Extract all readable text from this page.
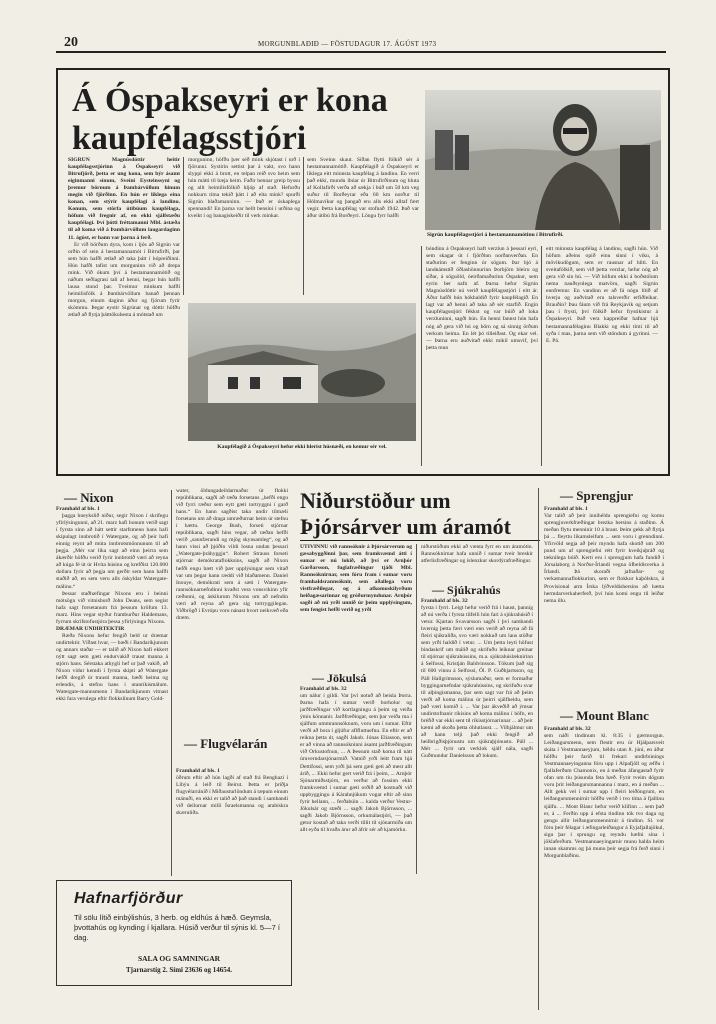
20	MORGUNBLAÐIÐ — FÖSTUDAGUR 17. ÁGÚST 1973
Á Óspakseyri er kona kaupfélagsstjóri

SIGRÚN Magnúsdóttir heitir kaupfélagsstjórinn á Óspakseyri við Bitrufjörð, þetta er ung kona, sem býr ásamt eiginmanni sínum, Sveini Eysteinssyni og þremur börnum á Þambárvöllum hinum megin við fjörðinn. En hún er líklega eina konan, sem stýrir kaupfélagi á landinu. Konum, sem störfa útibúum kaupfélaga, höfum við fregnir af, en ekki sjálfstæðu kaupfélagi. Því þótti fréttamanni Mbl. ástæða til að koma við á Þambárvöllum laugardaginn 11. ágúst, er hann var þarna á ferð.

Er við börðum dyra, kom í ljós að Sigrún var orðin of sein á hestamannamót í Bitrufirði, þar sem hún hafði ætlað að taka þátt í hópreiðinni. Hún hafði tafist um morguninn við að drepa mink. Við ókum því á hestamannamótið og náðum seðlagrasi tali af henni, begar hún hafði lausa stund þar. Tveimur minkum hafði heimilisfólk á Þambárvöllum banað þennan morgun, einum daginn áður og fjórum fyrir skömmu. Þegar eystir Sigrúnar og dóttir höfðu ætlað að flytja þátttökuhesta á mótstað um

morguninn, höfðu þær séð mink skjótast í urð í fjörunni. Systirin settist þar á vakt, svo hann slyppi ekki á brott, en telpan reið svo heim sem hún mátti til bæja heim. Faðir hennar greip byssu og allt heimilisfólkið hljóp af stað. Hefurðu nokkurn tíma tekið þátt í að elta mink? spurði Sigrún blaðamanninn. — Það er óskaplega spennandi! En þarna var hellt bensíni í urðina og kveikt í og banagiskeiðir til verk minkar.

sem Sveinn skaut. Síðan flytti fólkið sér á hestamannamótið. Kaupfélagið á Óspakseyri er líklega eitt minnsta kaupfélag á landinu. En verri það ekki, mundu íbúar úr Bitrufirðinum og hluta af Kollafirði verða að sækja í búð um 50 km veg suður til Borðeyrar eða 60 km norður til Hólmavíkur og þangað eru alls ekki alltaf fært vegir. Þetta kaupfélag var stofnað 1942. Það var áður útibú frá Borðeyri. Löngu fyrr hafði

Sigrún kaupfélagsstjóri á hestamannamótinu í Bitrufirði.
Kaupfélagið á Óspakseyri hefur ekki hlerist húsnæði, en kemur sér vel.

bóndinn á Óspakseyri haft verzlun á þessari eyri, sem skagar út í fjörðinn norðanverðan. En staðurinn er fenginn úr sögum. Þar bjó á landnámstíð öðlashönnurinn Þorbjörn bleiru og síðar, á söguöld, óeirðamaðurinn Óspakur, sem eyrin ber nafn af. Þarna hefur Sigrún Magnúsdóttir nú verið kaupfélagsstjóri í eitt ár. Áður hafði hún hókhaldið fyrir kaupfélagið. En lagt var að henni að taka að sér starfið. Engin kaupfélagsstjóri fékkst og var búið að loka verzluninni, sagði hún. En henni fannst hún hafa nóg að gera við bú og börn og sá sinnig örðum verkum heima. En lét þó tilleiðast. Og ekar vel. — Þarna eru auðvitað ekki mikil umsvif, því þetta mun

eitt minnsta kaupfélag á landinu, sagði hún. Við höfum aðeins opið einu sinni í viku, á mövikudögum, sem er rausnar af hliti. En sveitafólkið, sem við þetta verzlar, hefur nóg að gera við sín bú. — Við höfum ekki á boðstólum nema nauðsynlega matvöru, sagði Sigrún ennfremur. En vandinn er að fá nógu lítið af hverju og auðvitað eru talsverðir erfiðleikar. Brauðin? Þau fáum við frá Reykjavík og setjum þau í frysti, því fólkið hefur frystikistur á Óspakseyri. Það vera kappreiðar hafnar hjá hestamannafélaginu Blakki og ekki tími til að syða í mas, þarna sem við stöndum á gyrinni. — E. Pá.

— Nixon

Framhald af bls. 1

þagga hneykslið niður, segir Nixon í skrifegu yfirlýsingunni, að 21. marz hafi honum verið sagt í fyrsta sinn að hátt settir starfsmenn hans hafi skipulagt innbrotið í Watergate, og að þeir hafi einnig reynt að múta innbrotsmönnunum til að þegja. „Mér var líka sagt að einn þeirra sem ákærðir höfðu verið fyrir innbrotið væri að reyna að kúga fé út úr Hvíta húsinu og krefðist 120.000 dollara fyrir að þegja um gerðir sem hann hafði staðið að, en sem veru alls óskyldar Watergate-málinu.“

Þessar staðhæfingar Nixons eru í beinni mótsögn við vitnisburð John Deans, sem segist hafa sagt forsetanum frá þessum kröfum 13. marz. Hins vegar styður framburður Haldemans, fyrrum skrifstofustjóra þessa yfirlýsingu Nixons.

DRÆMAR UNDIRTEKTIR

Ræða Nixons hefur fengið held ur dræmar undirtektir. Víðast hvar, — bæði í Bandaríkjunum og annars staðar — er talið að Nixon hafi ekkert nýtt sagt sem gæti endurvakið traust manna á stjórn hans. Sérstaka athygli hef ur það vakið, að Nixon vídur kemdi í fyrsta skipti að Watergate hefði dregið úr trausti manna, bæði heima og erlendis, á stefnu hans í utanríkismálum. Watergate-mannsmenn í Bandaríkjunum vitnast ekki fara verulega eftir flokkslínum Barry Gold-

water, öldungadeildarmaður úr flokki repúblikana, sagði að ræða forsetans „hefði engu við fyrri ræður sem eytt gæti tortryggni í garð hans.“ En hann sagðist taka undir tilmæli forsetans um að draga umræðurnar heim úr stefnu í hættu. George Bush, forseti stjórnar repúblikana, sagði hins vegar, að ræðan hefði verið „sannfærandi og mjög skynsamleg“, og að hann vissi að þjóðin vildi losna undan þessari „Watergate-þráhyggju“. Robert Strauss forseti stjórnar demókrataflokksins, sagði að Nixon hefði engu bætt við þær upplýsingar sem vitað var um þegar hann ræddi við blaðamenn. Daniel Inouye, demókrati sem á sæti í Watergate-rannsóknarnefndinni kvaðst vera vonsvikinn yfir ræðunni, og áskilurum Nixons um að nefndin væri að reyna að gera sig tortryggilegan. Viðbrögð í Evrópu voru nánast hvort neikvæð eða dræm.

— Flugvélarán

Framhald af bls. 1

öðrum eftir að hún lagði af stað frá Benghazi í Líbýu á leið til Beirut. Þetta er þriðja flugvélarránið í Miðausturlöndum á tæpum einum mánuði, en ekki er talið að það standi í sambandi við deilurnar milli Ísraelsmanna og arabískra skæruliða.

Niðurstöður um Þjórsárver um áramót

ÚTIVINNU við rannsóknir á Þjórsárverum og gæsabyggðinni þar, sem framkvæmd átti í sumar er nú lokið, að því er Arnþór Garðarsson, fuglafræðingur tjáði Mbl. Rannsóknirnar, sem fóru fram í sumar voru framhaldsrannsóknir, sem aðallega voru vistfræðilegar, og á afkomuskilyrðum heiðagæsarinnar og gróðurmyndunar. Arnþór sagði að nú yrði unnið úr þeim upplýsingum, sem fengist hefði verið og yrði

niðurstöðum ekki að vænta fyrr en um áramótin. Rannsóknirnar hafa unnið í sumar tveir breskir atferlisfræðingar og íslenzkur skordýrafræðingur.

— Sjúkrahús

Framhald af bls. 32

fyrsta í fyrri. Leigt hefur verið frá í haust, þannig að nú verða í fyrsta tilfelli hún fari á sjúkrahúsið í vetur. Kjartan Svavarsson sagði í því sambandi hvernig þetta færi væri enn verið að reyna að fá fleiri sjúkraliða, svo væri nokkuð um laus stöður sem yrði haldið í vetur. ... Um þetta leyti höfust bindaskrif um málið og skrifuðu leiknar greinar til stjórnar sjúkrahússins, m.a. sjúkrahúslæknirinn á Selfossi, Kristján Baldvinsson. Tókum það sig til 600 vinnu á Selfossi, Ól. P. Guðbjartsson, og Páll Hallgrímsson, sýslumaður, sem er formaður byggingarnefndar sjúkrahússins, og skrifuðu svar til alþingismanna, þar sem sagt var frá að þeim verði að koma málinu úr þeirri sjálfheldu, sem það væri komið í. ... Var þar ákveðið að ýmsar undirstofnanir ríkisins að koma málinu í höfn, en bréfið var ekki sent til ríkisstjórnarinnar ... að þeir kæmi að skoða þetta óhlutlaust. ... Vilhjálmur um að hann telji það ekki fengið að heilbrigðisþjónustu um sjúkraþjónustu. Páll ... Mér ... fyrir um verklok sjálf nála, sagði Guðmundur Daníelsson að lokum.

— Jökulsá

Framhald af bls. 32

um nálur í gildi. Var því notuð að beisla Þorra. Þarna hafa í sumar verið borholur og jarðfræðingar við kortlagningu á þeim og veiða ýmis könnanir. Jarðfræðingar, sem þar veiða ma í sjálfum ummrannsóknum, voru um í sumar. Eftir verði að bora í gljúfur aflfluttuefnu. En eftir er að reikna þetta út, sagði Jakob. Jónas Elíasson, sem er að vinna að rannsókninni ásamt jarðfræðingum við Orkustofnun, ... A Þessum stað koma til nátt úruverndarsjónarmið. Vatnið yrði leitt fram hjá Dettifossi, sem yrði þá sem gæti geti að mest allt árið, ... Ekki hefur gert verið frá í þeim, ... Arnþór Sjónarmiðsstjórn, en verður að fossinn ekki framkvæmd í sumar gæti orðið að kostnaði við uppbyggingu á Kárahnjúkum vogar eftir að sinn fyrir hellann, ... ferðabúin ... kalda verður Vestur-Jökulsár og stæði ... sagði Jakob Björnsson, ... sagði Jakob Björnsson, orkumálastjóri, — það getur kostað að taka verði tillit til sjónarmiða um allt eyða til hvaða árur að áfrir sér að kjamórku.

— Sprengjur

Framhald af bls. 1

Var talið að þeir innihéldu sprengiefni og komu sprengjuverkfræðingar brezka hersins á staðinn. Á meðan flytu menninir 10 á braut. Þeim gekk að flytja þá ... fleyttu líkamsleifum ... sem voru í grenndinni. Yfirvöld segja að þeir myndu hafa skotið um 200 pund um af sprengiefni rétt fyrir kveikjuþráð og tæknilega búið. Kerti eru í sprengjum hafa fundið í Jórsalaborg á Norður-Írlandi vegna öfbeldisverka á Írlandi. Þá skoraði jafnaðar- og verkamannaflokkurinn, sem er flokkur kaþólskra, á Provisional arm Írska lýðveldishersins að hætta hermdarverkaherferð, því hún komi engu til leiðar nema illu.

— Mount Blanc

Framhald af bls. 32

sem náði tindinum kl. 8:35 í gærmorgun. Leiðangursmenn, sem flestir eru úr Hjálparsveit skáta í Vestmannaeyjum, héldu utan 8. júní, en áður höfðu þeir farið til frekari undirbúnings Vestmannaeyinganna fóru upp í Alpafjöll og æfðu í fjallaferðum Chamonix, en á meðan áfangastað fyrir ofan um tíu þúsunda feta hæð. Fyrir tveim dögum voru þrír leiðangursmannanna í marz, en á meðan ... Allt gekk vel í sumar upp í fleiri leiðöngrum, en leiðangursmennirnir höfðu verið í tvo tíma á fjallinu sjálfu. ... Mont Blanc hefur verið klifinn ... sem það er, á ... Ferðin upp á efsta tindinn tók tvo daga og gengu allir leiðangursmennirnir á tindinn. Sl. vor fóru þeir félagar í æfingarleiðangur á Eyjafjallajökul, sigu þar í sprungu og reyndu hæfni sína í jöklaferðum. Vestmannaeyingarnir munu halda heim innan skamms og þá munu þeir segja frá ferð sinni í Morgunblaðinu.

Hafnarfjörður
Til sölu lítið einbýlishús, 3 herb. og eldhús á hæð. Geymsla, þvottahús og kynding í kjallara. Húsið verður til sýnis kl. 5—7 í dag.
SALA OG SAMNINGAR
Tjarnarstíg 2. Sími 23636 og 14654.
